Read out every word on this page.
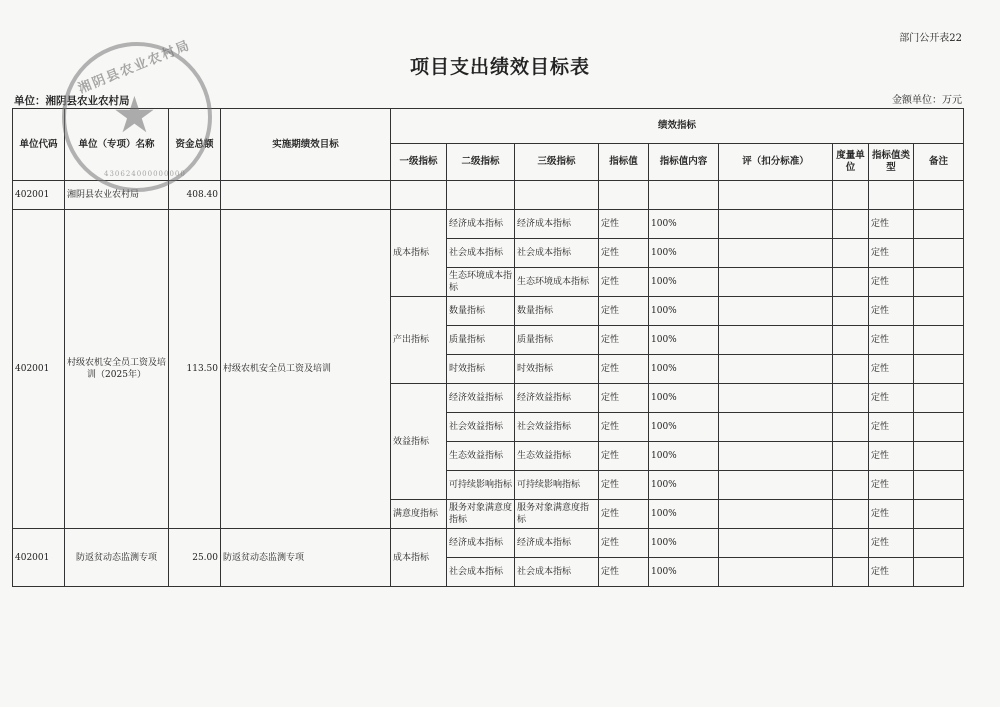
部门公开表22
项目支出绩效目标表
单位：湘阴县农业农村局	金额单位：万元
单位代码	单位（专项）名称	资金总额	实施期绩效目标	绩效指标								
				一级指标	二级指标	三级指标	指标值	指标值内容	评（扣分标准）	度量单位	指标值类型	备注
402001	湘阴县农业农村局	408.40										
402001	村级农机安全员工资及培训（2025年）	113.50	村级农机安全员工资及培训	成本指标	经济成本指标	经济成本指标	定性	100%			定性	
					社会成本指标	社会成本指标	定性	100%			定性	
					生态环境成本指标	生态环境成本指标	定性	100%			定性	
				产出指标	数量指标	数量指标	定性	100%			定性	
					质量指标	质量指标	定性	100%			定性	
					时效指标	时效指标	定性	100%			定性	
				效益指标	经济效益指标	经济效益指标	定性	100%			定性	
					社会效益指标	社会效益指标	定性	100%			定性	
					生态效益指标	生态效益指标	定性	100%			定性	
					可持续影响指标	可持续影响指标	定性	100%			定性	
				满意度指标	服务对象满意度指标	服务对象满意度指标	定性	100%			定性	
402001	防返贫动态监测专项	25.00	防返贫动态监测专项	成本指标	经济成本指标	经济成本指标	定性	100%			定性	
					社会成本指标	社会成本指标	定性	100%			定性	
湘阴县农业农村局
★
430624000000000
